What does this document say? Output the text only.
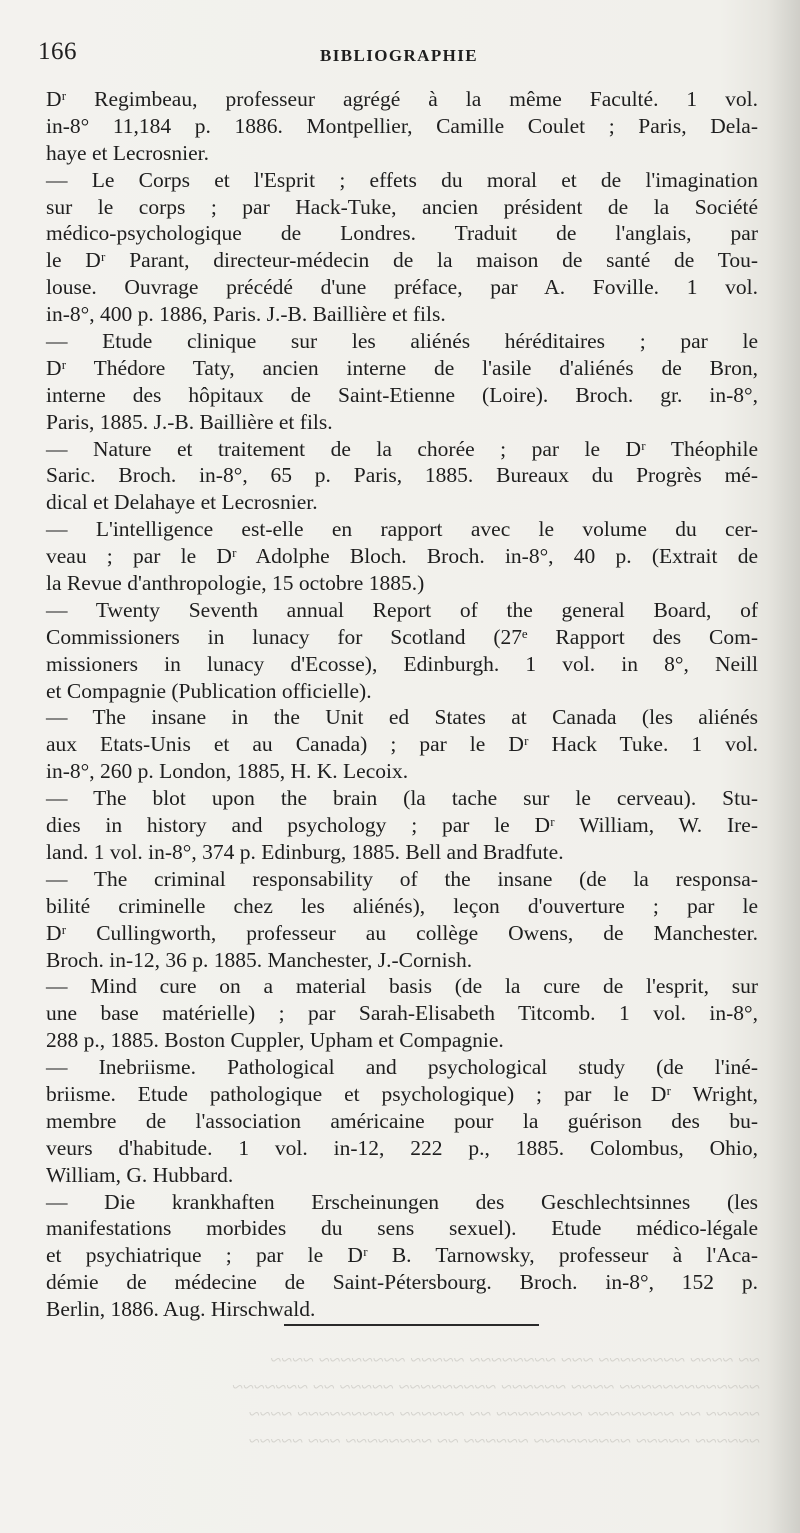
166	BIBLIOGRAPHIE
Dʳ Regimbeau, professeur agrégé à la même Faculté. 1 vol.
in-8° 11,184 p. 1886. Montpellier, Camille Coulet ; Paris, Dela-
haye et Lecrosnier.
— Le Corps et l'Esprit ; effets du moral et de l'imagination
sur le corps ; par Hack-Tuke, ancien président de la Société
médico-psychologique de Londres. Traduit de l'anglais, par
le Dʳ Parant, directeur-médecin de la maison de santé de Tou-
louse. Ouvrage précédé d'une préface, par A. Foville. 1 vol.
in-8°, 400 p. 1886, Paris. J.-B. Baillière et fils.
— Etude clinique sur les aliénés héréditaires ; par le
Dʳ Thédore Taty, ancien interne de l'asile d'aliénés de Bron,
interne des hôpitaux de Saint-Etienne (Loire). Broch. gr. in-8°,
Paris, 1885. J.-B. Baillière et fils.
— Nature et traitement de la chorée ; par le Dʳ Théophile
Saric. Broch. in-8°, 65 p. Paris, 1885. Bureaux du Progrès mé-
dical et Delahaye et Lecrosnier.
— L'intelligence est-elle en rapport avec le volume du cer-
veau ; par le Dʳ Adolphe Bloch. Broch. in-8°, 40 p. (Extrait de
la Revue d'anthropologie, 15 octobre 1885.)
— Twenty Seventh annual Report of the general Board, of
Commissioners in lunacy for Scotland (27ᵉ Rapport des Com-
missioners in lunacy d'Ecosse), Edinburgh. 1 vol. in 8°, Neill
et Compagnie (Publication officielle).
— The insane in the Unit ed States at Canada (les aliénés
aux Etats-Unis et au Canada) ; par le Dʳ Hack Tuke. 1 vol.
in-8°, 260 p. London, 1885, H. K. Lecoix.
— The blot upon the brain (la tache sur le cerveau). Stu-
dies in history and psychology ; par le Dʳ William, W. Ire-
land. 1 vol. in-8°, 374 p. Edinburg, 1885. Bell and Bradfute.
— The criminal responsability of the insane (de la responsa-
bilité criminelle chez les aliénés), leçon d'ouverture ; par le
Dʳ Cullingworth, professeur au collège Owens, de Manchester.
Broch. in-12, 36 p. 1885. Manchester, J.-Cornish.
— Mind cure on a material basis (de la cure de l'esprit, sur
une base matérielle) ; par Sarah-Elisabeth Titcomb. 1 vol. in-8°,
288 p., 1885. Boston Cuppler, Upham et Compagnie.
— Inebriisme. Pathological and psychological study (de l'iné-
briisme. Etude pathologique et psychologique) ; par le Dʳ Wright,
membre de l'association américaine pour la guérison des bu-
veurs d'habitude. 1 vol. in-12, 222 p., 1885. Colombus, Ohio,
William, G. Hubbard.
— Die krankhaften Erscheinungen des Geschlechtsinnes (les
manifestations morbides du sens sexuel). Etude médico-légale
et psychiatrique ; par le Dʳ B. Tarnowsky, professeur à l'Aca-
démie de médecine de Saint-Pétersbourg. Broch. in-8°, 152 p.
Berlin, 1886. Aug. Hirschwald.
~~~~~ ~~~ ~~~~~~~~ ~~ ~~~~~~ ~~~~~~~~~ ~~~~~ ~~~~~~
~~~~ ~~~~~~~~~ ~~~~~~ ~~ ~~~~~~~~ ~~~~~~~~ ~~ ~~~~~
~~~~~~~ ~~ ~~~~~ ~~~~~~~~~ ~~~~~~ ~~~~ ~~~~~~~~~~~~~
~~~~ ~~~~~~~~ ~~~~~ ~~~~~~~~ ~~~ ~~~~~~~~ ~~~~ ~~
